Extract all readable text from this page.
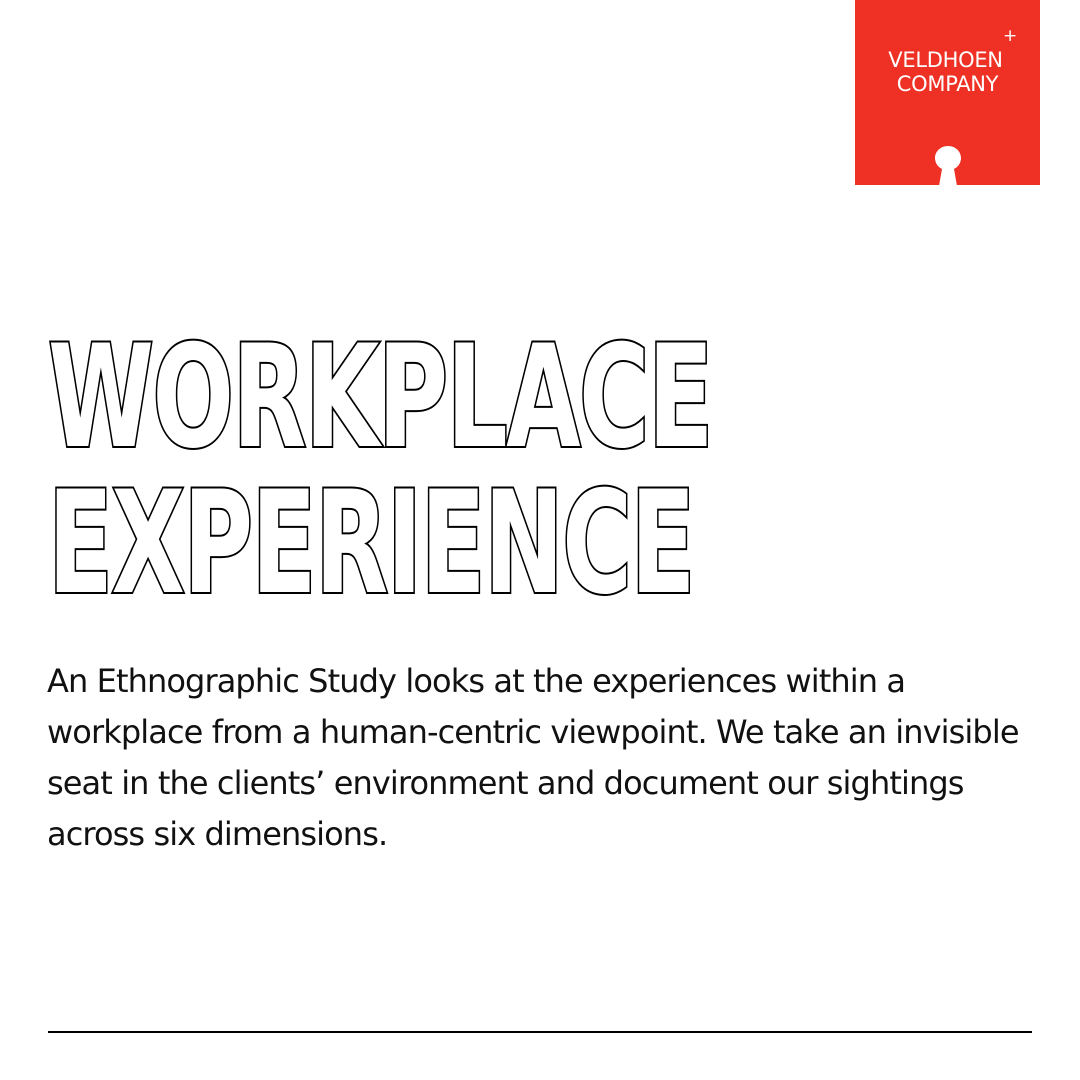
VELDHOEN
COMPANY
+
WORKPLACE
EXPERIENCE

An Ethnographic Study looks at the experiences within a workplace from a human-centric viewpoint. We take an invisible seat in the clients’ environment and document our sightings across six dimensions.
